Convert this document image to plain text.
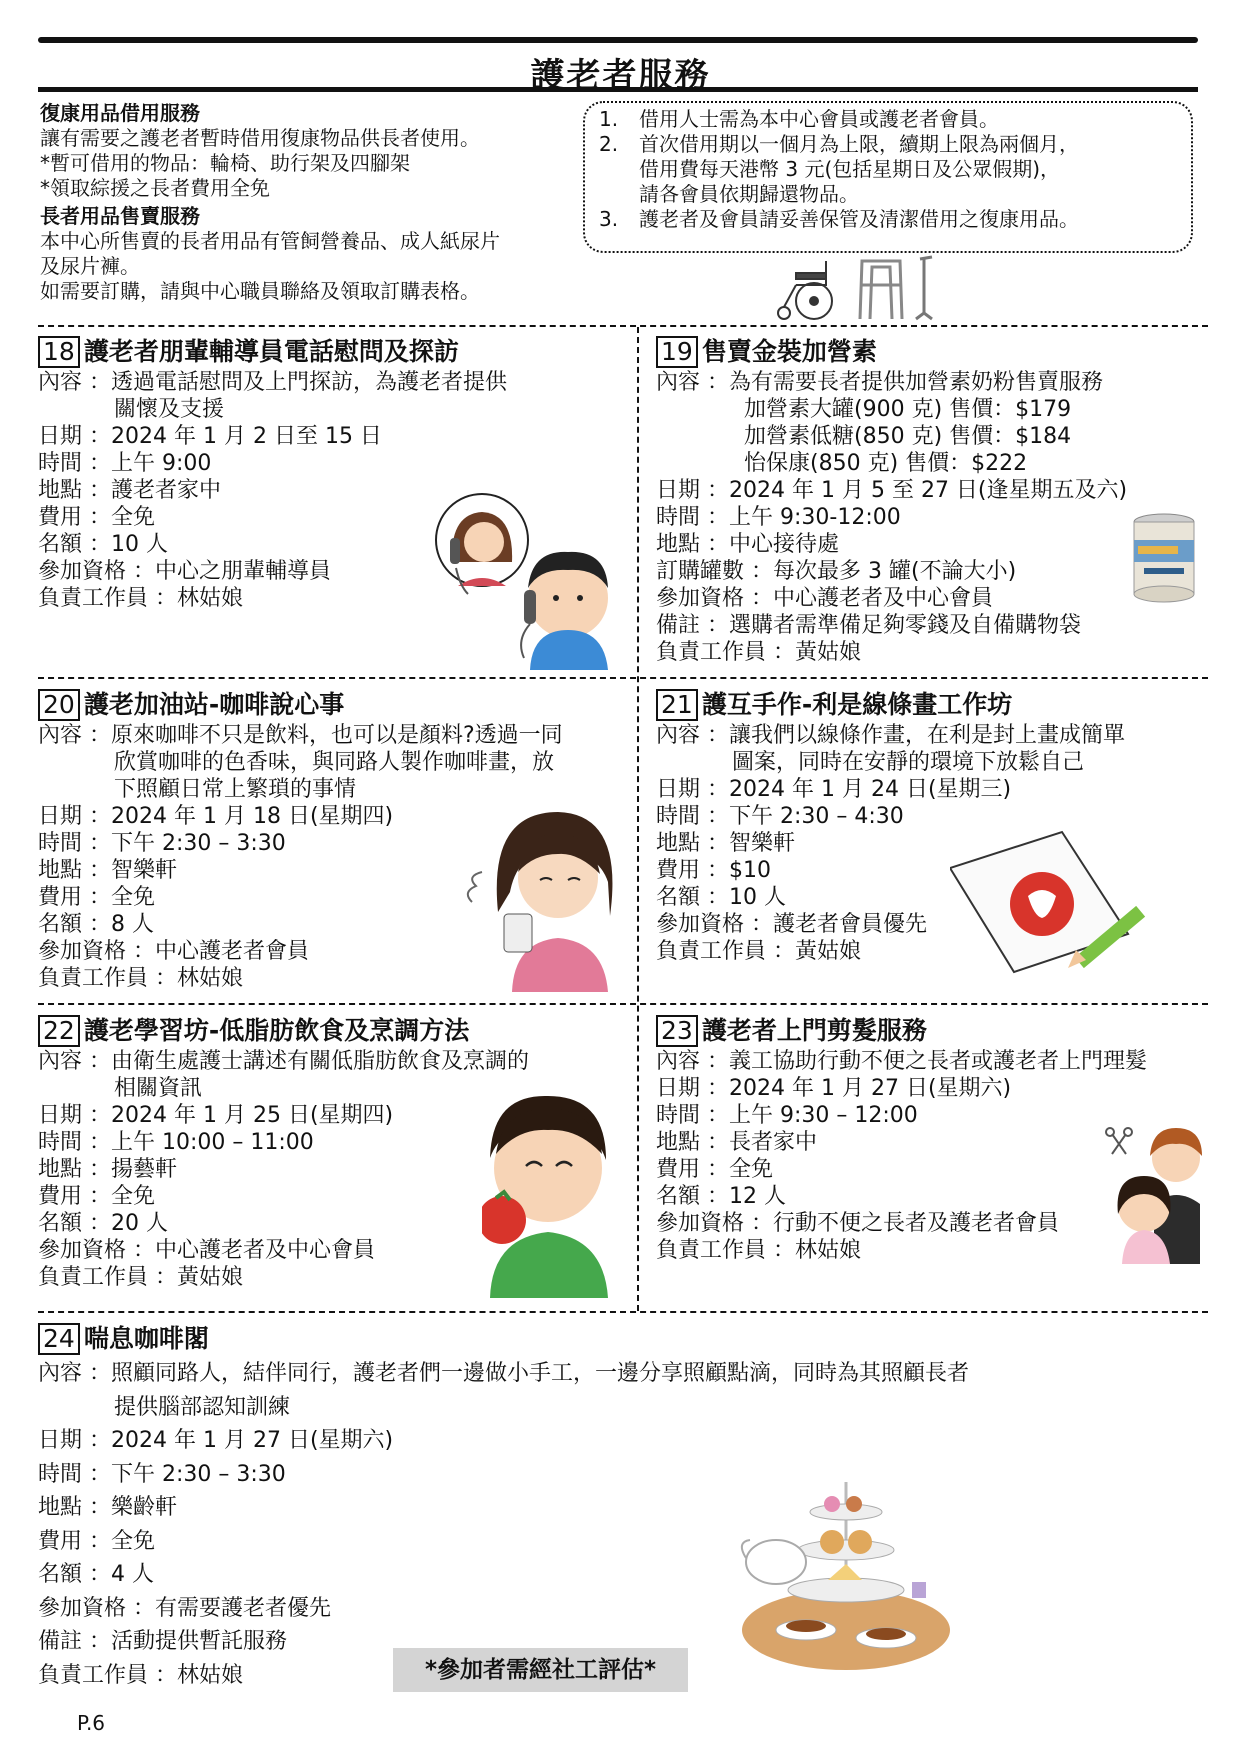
護老者服務
復康用品借用服務
讓有需要之護老者暫時借用復康物品供長者使用。
*暫可借用的物品：輪椅、助行架及四腳架
*領取綜援之長者費用全免
長者用品售賣服務
本中心所售賣的長者用品有管飼營養品、成人紙尿片
及尿片褲。
如需要訂購，請與中心職員聯絡及領取訂購表格。
1.	借用人士需為本中心會員或護老者會員。
2.	首次借用期以一個月為上限，續期上限為兩個月，
借用費每天港幣 3 元(包括星期日及公眾假期)，
請各會員依期歸還物品。
3.	護老者及會員請妥善保管及清潔借用之復康用品。
18 護老者朋輩輔導員電話慰問及探訪
內容 ： 透過電話慰問及上門探訪，為護老者提供
關懷及支援
日期 ： 2024 年 1 月 2 日至 15 日
時間 ： 上午 9:00
地點 ： 護老者家中
費用 ： 全免
名額 ： 10 人
參加資格 ： 中心之朋輩輔導員
負責工作員 ： 林姑娘
19 售賣金裝加營素
內容 ： 為有需要長者提供加營素奶粉售賣服務
加營素大罐(900 克) 售價：$179
加營素低糖(850 克) 售價：$184
怡保康(850 克) 售價：$222
日期 ： 2024 年 1 月 5 至 27 日(逢星期五及六)
時間 ： 上午 9:30-12:00
地點 ： 中心接待處
訂購罐數 ： 每次最多 3 罐(不論大小)
參加資格 ： 中心護老者及中心會員
備註 ： 選購者需準備足夠零錢及自備購物袋
負責工作員 ： 黃姑娘
20 護老加油站-咖啡說心事
內容 ： 原來咖啡不只是飲料，也可以是顏料?透過一同
欣賞咖啡的色香味，與同路人製作咖啡畫，放
下照顧日常上繁瑣的事情
日期 ： 2024 年 1 月 18 日(星期四)
時間 ： 下午 2:30 – 3:30
地點 ： 智樂軒
費用 ： 全免
名額 ： 8 人
參加資格 ： 中心護老者會員
負責工作員 ： 林姑娘
21 護互手作-利是線條畫工作坊
內容 ： 讓我們以線條作畫，在利是封上畫成簡單
圖案，同時在安靜的環境下放鬆自己
日期 ： 2024 年 1 月 24 日(星期三)
時間 ： 下午 2:30 – 4:30
地點 ： 智樂軒
費用 ： $10
名額 ： 10 人
參加資格 ： 護老者會員優先
負責工作員 ： 黃姑娘
22 護老學習坊-低脂肪飲食及烹調方法
內容 ： 由衛生處護士講述有關低脂肪飲食及烹調的
相關資訊
日期 ： 2024 年 1 月 25 日(星期四)
時間 ： 上午 10:00 – 11:00
地點 ： 揚藝軒
費用 ： 全免
名額 ： 20 人
參加資格 ： 中心護老者及中心會員
負責工作員 ： 黃姑娘
23 護老者上門剪髮服務
內容 ： 義工協助行動不便之長者或護老者上門理髮
日期 ： 2024 年 1 月 27 日(星期六)
時間 ： 上午 9:30 – 12:00
地點 ： 長者家中
費用 ： 全免
名額 ： 12 人
參加資格 ： 行動不便之長者及護老者會員
負責工作員 ： 林姑娘
24 喘息咖啡閣
內容 ： 照顧同路人，結伴同行，護老者們一邊做小手工，一邊分享照顧點滴，同時為其照顧長者
提供腦部認知訓練
日期 ： 2024 年 1 月 27 日(星期六)
時間 ： 下午 2:30 – 3:30
地點 ： 樂齡軒
費用 ： 全免
名額 ： 4 人
參加資格 ： 有需要護老者優先
備註 ： 活動提供暫託服務
負責工作員 ： 林姑娘	*參加者需經社工評估*
P.6
